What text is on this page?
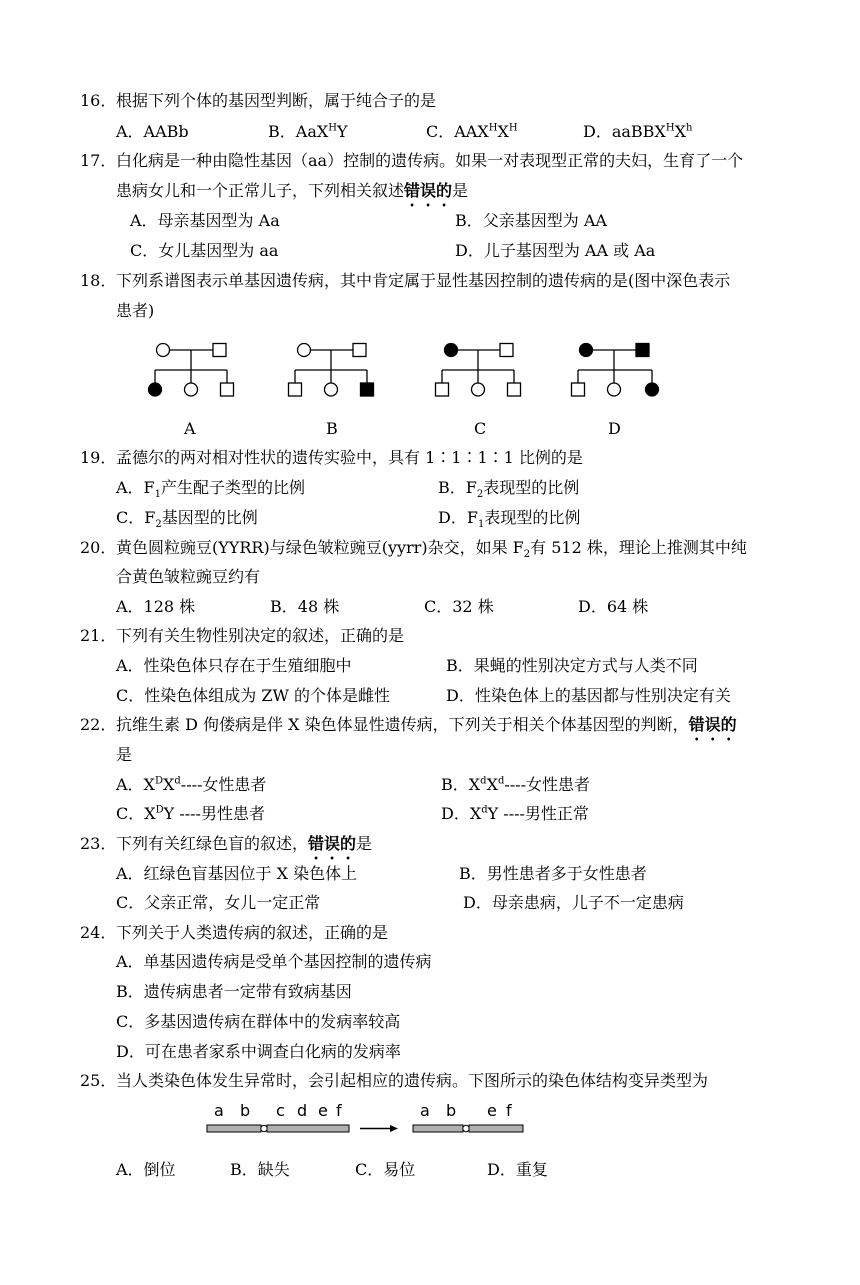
16． 根据下列个体的基因型判断，属于纯合子的是
A．AABb	B．AaX$^H$Y	C．$AAX^HX^H$	D．$aaBBX^HX^h$
17． 白化病是一种由隐性基因（aa）控制的遗传病。如果一对表现型正常的夫妇，生育了一个
患病女儿和一个正常儿子，下列相关叙述错误的是
A．母亲基因型为 Aa	B．父亲基因型为 AA
C．女儿基因型为 aa	D．儿子基因型为 AA 或 Aa
18． 下列系谱图表示单基因遗传病，其中肯定属于显性基因控制的遗传病的是(图中深色表示
患者)
A	B	C	D
19． 孟德尔的两对相对性状的遗传实验中，具有 1∶1∶1∶1 比例的是
A．$F_1$产生配子类型的比例	B．$F_2$表现型的比例
C．$F_2$基因型的比例	D．$F_1$表现型的比例
20． 黄色圆粒豌豆(YYRR)与绿色皱粒豌豆(yyrr)杂交，如果 $F_2$有 512 株，理论上推测其中纯
合黄色皱粒豌豆约有
A．128 株	B．48 株	C．32 株	D．64 株
21． 下列有关生物性别决定的叙述，正确的是
A．性染色体只存在于生殖细胞中	B．果蝇的性别决定方式与人类不同
C．性染色体组成为 ZW 的个体是雌性	D．性染色体上的基因都与性别决定有关
22． 抗维生素 D 佝偻病是伴 X 染色体显性遗传病，下列关于相关个体基因型的判断，错误的
是
A．$X^DX^d----$女性患者	B．$X^dX^d----$女性患者
C．$X^DY$ ----男性患者	D．$X^dY$ ----男性正常
23． 下列有关红绿色盲的叙述，错误的是
A．红绿色盲基因位于 X 染色体上	B．男性患者多于女性患者
C．父亲正常，女儿一定正常	D．母亲患病，儿子不一定患病
24． 下列关于人类遗传病的叙述，正确的是
A．单基因遗传病是受单个基因控制的遗传病
B．遗传病患者一定带有致病基因
C．多基因遗传病在群体中的发病率较高
D．可在患者家系中调查白化病的发病率
25． 当人类染色体发生异常时，会引起相应的遗传病。下图所示的染色体结构变异类型为
a b c d e f	a b e f
A．倒位	B．缺失	C．易位	D．重复
